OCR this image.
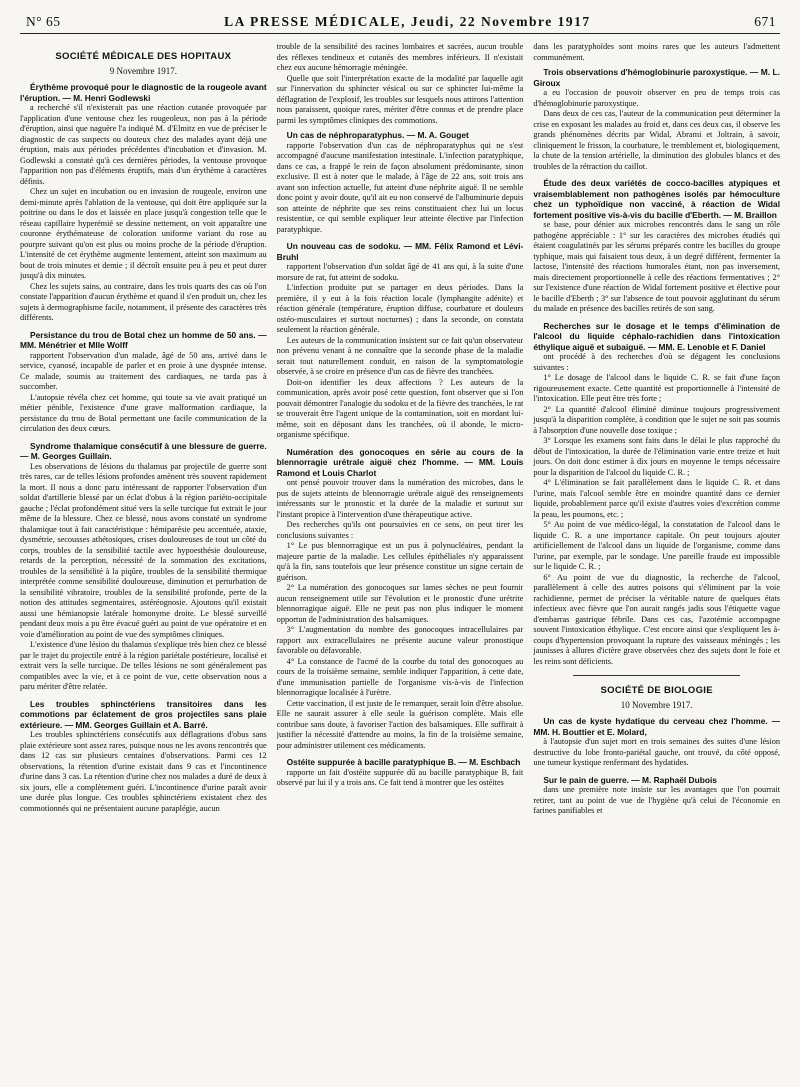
N° 65	LA PRESSE MÉDICALE, Jeudi, 22 Novembre 1917	671
SOCIÉTÉ MÉDICALE DES HOPITAUX
9 Novembre 1917.

Érythème provoqué pour le diagnostic de la rougeole avant l'éruption. — M. Henri Godlewski

a recherché s'il n'existerait pas une réaction cutanée provoquée par l'application d'une ventouse chez les rougeoleux, non pas à la période d'éruption, ainsi que naguère l'a indiqué M. d'Elmitz en vue de préciser le diagnostic de cas suspects ou douteux chez des malades ayant déjà une éruption, mais aux périodes précédentes d'incubation et d'invasion. M. Godlewski a constaté qu'à ces dernières périodes, la ventouse provoque l'apparition non pas d'éléments éruptifs, mais d'un érythème à caractères définis.

Chez un sujet en incubation ou en invasion de rougeole, environ une demi-minute après l'ablation de la ventouse, qui doit être appliquée sur la poitrine ou dans le dos et laissée en place jusqu'à congestion telle que le réseau capillaire hyperémié se dessine nettement, on voit apparaître une couronne érythémateuse de coloration uniforme variant du rose au pourpre suivant qu'on est plus ou moins proche de la période d'éruption. L'intensité de cet érythème augmente lentement, atteint son maximum au bout de trois minutes et demie ; il décroît ensuite peu à peu et peut durer jusqu'à dix minutes.

Chez les sujets sains, au contraire, dans les trois quarts des cas où l'on constate l'apparition d'aucun érythème et quand il s'en produit un, chez les sujets à dermographisme facile, notamment, il présente des caractères très différents.

Persistance du trou de Botal chez un homme de 50 ans. — MM. Ménétrier et Mlle Wolff

rapportent l'observation d'un malade, âgé de 50 ans, arrivé dans le service, cyanosé, incapable de parler et en proie à une dyspnée intense. Ce malade, soumis au traitement des cardiaques, ne tarda pas à succomber.

L'autopsie révéla chez cet homme, qui toute sa vie avait pratiqué un métier pénible, l'existence d'une grave malformation cardiaque, la persistance du trou de Botal permettant une facile communication de la circulation des deux cœurs.

Syndrome thalamique consécutif à une blessure de guerre. — M. Georges Guillain.

Les observations de lésions du thalamus par projectile de guerre sont très rares, car de telles lésions profondes amènent très souvent rapidement la mort. Il nous a donc paru intéressant de rapporter l'observation d'un soldat d'artillerie blessé par un éclat d'obus à la région pariéto-occipitale gauche ; l'éclat profondément situé vers la selle turcique fut extrait le jour même de la blessure. Chez ce blessé, nous avons constaté un syndrome thalamique tout à fait caractéristique : hémiparésie peu accentuée, ataxie, dysmétrie, secousses athétosiques, crises douloureuses de tout un côté du corps, troubles de la sensibilité tactile avec hypoesthésie douloureuse, retards de la perception, nécessité de la sommation des excitations, troubles de la sensibilité à la piqûre, troubles de la sensibilité thermique interprétée comme sensibilité douloureuse, diminution et perturbation de la sensibilité vibratoire, troubles de la sensibilité profonde, perte de la notion des attitudes segmentaires, astéréognosie. Ajoutons qu'il existait aussi une hémianopsie latérale homonyme droite. Le blessé surveillé pendant deux mois a pu être évacué guéri au point de vue opératoire et en voie d'amélioration au point de vue des symptômes cliniques.

L'existence d'une lésion du thalamus s'explique très bien chez ce blessé par le trajet du projectile entré à la région pariétale postérieure, localisé et extrait vers la selle turcique. De telles lésions ne sont généralement pas compatibles avec la vie, et à ce point de vue, cette observation nous a paru mériter d'être relatée.

Les troubles sphinctériens transitoires dans les commotions par éclatement de gros projectiles sans plaie extérieure. — MM. Georges Guillain et A. Barré.

Les troubles sphinctériens consécutifs aux déflagrations d'obus sans plaie extérieure sont assez rares, puisque nous ne les avons rencontrés que dans 12 cas sur plusieurs centaines d'observations. Parmi ces 12 observations, la rétention d'urine existait dans 9 cas et l'incontinence d'urine dans 3 cas. La rétention d'urine chez nos malades a duré de deux à six jours, elle a complètement guéri. L'incontinence d'urine paraît avoir une durée plus longue. Ces troubles sphinctériens existaient chez des commotionnés qui ne présentaient aucune paraplégie, aucun

trouble de la sensibilité des racines lombaires et sacrées, aucun trouble des réflexes tendineux et cutanés des membres inférieurs. Il n'existait chez eux aucune hémorragie méningée.

Quelle que soit l'interprétation exacte de la modalité par laquelle agit sur l'innervation du sphincter vésical ou sur ce sphincter lui-même la déflagration de l'explosif, les troubles sur lesquels nous attirons l'attention nous paraissent, quoique rares, mériter d'être connus et de prendre place parmi les symptômes cliniques des commotions.

Un cas de néphroparatyphus. — M. A. Gouget

rapporte l'observation d'un cas de néphroparatyphus qui ne s'est accompagné d'aucune manifestation intestinale. L'infection paratyphique, dans ce cas, a frappé le rein de façon absolument prédominante, sinon exclusive. Il est à noter que le malade, à l'âge de 22 ans, soit trois ans avant son infection actuelle, fut atteint d'une néphrite aiguë. Il ne semble donc point y avoir doute, qu'il ait eu non conservé de l'albuminurie depuis son atteinte de néphrite que ses reins constituaient chez lui un locus resistentiæ, ce qui semble expliquer leur atteinte élective par l'infection paratyphique.

Un nouveau cas de sodoku. — MM. Félix Ramond et Lévi-Bruhl

rapportent l'observation d'un soldat âgé de 41 ans qui, à la suite d'une morsure de rat, fut atteint de sodoku.

L'infection produite put se partager en deux périodes. Dans la première, il y eut à la fois réaction locale (lymphangite adénite) et réaction générale (température, éruption diffuse, courbature et douleurs ostéo-musculaires et surtout nocturnes) ; dans la seconde, on constata seulement la réaction générale.

Les auteurs de la communication insistent sur ce fait qu'un observateur non prévenu venant à ne connaître que la seconde phase de la maladie serait tout naturellement conduit, en raison de la symptomatologie observée, à se croire en présence d'un cas de fièvre des tranchées.

Doit-on identifier les deux affections ? Les auteurs de la communication, après avoir posé cette question, font observer que si l'on pouvait démontrer l'analogie du sodoku et de la fièvre des tranchées, le rat se trouverait être l'agent unique de la contamination, soit en mordant lui-même, soit en déposant dans les tranchées, où il abonde, le micro-organisme spécifique.

Numération des gonocoques en série au cours de la blennorragie urétrale aiguë chez l'homme. — MM. Louis Ramond et Louis Charlot

ont pensé pouvoir trouver dans la numération des microbes, dans le pus de sujets atteints de blennorragie urétrale aiguë des renseignements intéressants sur le pronostic et la durée de la maladie et surtout sur l'instant propice à l'intervention d'une thérapeutique active.

Des recherches qu'ils ont poursuivies en ce sens, on peut tirer les conclusions suivantes :

1° Le pus blennorragique est un pus à polynucléaires, pendant la majeure partie de la maladie. Les cellules épithéliales n'y apparaissent qu'à la fin, sans toutefois que leur présence constitue un signe certain de guérison.

2° La numération des gonocoques sur lames sèches ne peut fournir aucun renseignement utile sur l'évolution et le pronostic d'une urétrite blennorragique aiguë. Elle ne peut pas non plus indiquer le moment opportun de l'administration des balsamiques.

3° L'augmentation du nombre des gonocoques intracellulaires par rapport aux extracellulaires ne présente aucune valeur pronostique favorable ou défavorable.

4° La constance de l'acmé de la courbe du total des gonocoques au cours de la troisième semaine, semble indiquer l'apparition, à cette date, d'une immunisation partielle de l'organisme vis-à-vis de l'infection blennorragique localisée à l'urètre.

Cette vaccination, il est juste de le remarquer, serait loin d'être absolue. Elle ne saurait assurer à elle seule la guérison complète. Mais elle contribue sans doute, à favoriser l'action des balsamiques. Elle suffirait à justifier la nécessité d'attendre au moins, la fin de la troisième semaine, pour administrer utilement ces médicaments.

Ostéite suppurée à bacille paratyphique B. — M. Eschbach

rapporte un fait d'ostéite suppurée dû au bacille paratyphique B, fait observé par lui il y a trois ans. Ce fait tend à montrer que les ostéites

dans les paratyphoïdes sont moins rares que les auteurs l'admettent communément.

Trois observations d'hémoglobinurie paroxystique. — M. L. Giroux

a eu l'occasion de pouvoir observer en peu de temps trois cas d'hémoglobinurie paroxystique.

Dans deux de ces cas, l'auteur de la communication peut déterminer la crise en exposant les malades au froid et, dans ces deux cas, il observe les grands phénomènes décrits par Widal, Abrami et Joltrain, à savoir, cliniquement le frisson, la courbature, le tremblement et, biologiquement, la chute de la tension artérielle, la diminution des globules blancs et des troubles de la rétraction du caillot.

Étude des deux variétés de cocco-bacilles atypiques et vraisemblablement non pathogènes isolés par hémoculture chez un typhoïdique non vacciné, à réaction de Widal fortement positive vis-à-vis du bacille d'Eberth. — M. Braillon

se base, pour dénier aux microbes rencontrés dans le sang un rôle pathogène appréciable : 1° sur les caractères des microbes étudiés qui étaient coagulatinés par les sérums préparés contre les bacilles du groupe typhique, mais qui faisaient tous deux, à un degré différent, fermenter la lactose, l'intensité des réactions humorales étant, non pas inversement, mais directement proportionnelle à celle des réactions fermentatives ; 2° sur l'existence d'une réaction de Widal fortement positive et élective pour le bacille d'Eberth ; 3° sur l'absence de tout pouvoir agglutinant du sérum du malade en présence des bacilles retirés de son sang.

Recherches sur le dosage et le temps d'élimination de l'alcool du liquide céphalo-rachidien dans l'intoxication éthylique aiguë et subaiguë. — MM. E. Lenoble et F. Daniel

ont procédé à des recherches d'où se dégagent les conclusions suivantes :

1° Le dosage de l'alcool dans le liquide C. R. se fait d'une façon rigoureusement exacte. Cette quantité est proportionnelle à l'intensité de l'intoxication. Elle peut être très forte ;

2° La quantité d'alcool éliminé diminue toujours progressivement jusqu'à la disparition complète, à condition que le sujet ne soit pas soumis à l'absorption d'une nouvelle dose toxique ;

3° Lorsque les examens sont faits dans le délai le plus rapproché du début de l'intoxication, la durée de l'élimination varie entre treize et huit jours. On doit donc estimer à dix jours en moyenne le temps nécessaire pour la disparition de l'alcool du liquide C. R. ;

4° L'élimination se fait parallèlement dans le liquide C. R. et dans l'urine, mais l'alcool semble être en moindre quantité dans ce dernier liquide, probablement parce qu'il existe d'autres voies d'excrétion comme la peau, les poumons, etc. ;

5° Au point de vue médico-légal, la constatation de l'alcool dans le liquide C. R. a une importance capitale. On peut toujours ajouter artificiellement de l'alcool dans un liquide de l'organisme, comme dans l'urine, par exemple, par le sondage. Une pareille fraude est impossible sur le liquide C. R. ;

6° Au point de vue du diagnostic, la recherche de l'alcool, parallèlement à celle des autres poisons qui s'éliminent par la voie rachidienne, permet de préciser la véritable nature de quelques états infectieux avec fièvre que l'on aurait rangés jadis sous l'étiquette vague d'embarras gastrique fébrile. Dans ces cas, l'azotémie accompagne souvent l'intoxication éthylique. C'est encore ainsi que s'expliquent les à-coups d'hypertension provoquant la rupture des vaisseaux méningés ; les jaunisses à allures d'ictère grave observées chez des sujets dont le foie et les reins sont déficients.

SOCIÉTÉ DE BIOLOGIE
10 Novembre 1917.

Un cas de kyste hydatique du cerveau chez l'homme. — MM. H. Bouttier et E. Molard,

à l'autopsie d'un sujet mort en trois semaines des suites d'une lésion destructive du lobe fronto-pariétal gauche, ont trouvé, du côté opposé, une tumeur kystique renfermant des hydatides.

Sur le pain de guerre. — M. Raphaël Dubois

dans une première note insiste sur les avantages que l'on pourrait retirer, tant au point de vue de l'hygiène qu'à celui de l'économie en farines panifiables et
